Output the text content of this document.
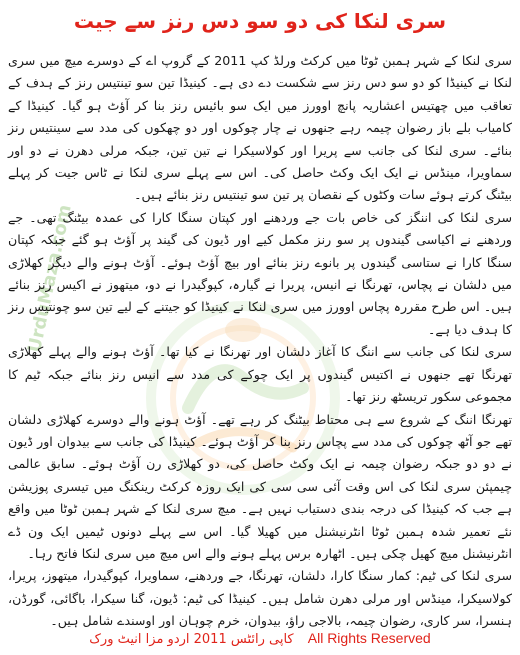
سری لنکا کی دو سو دس رنز سے جیت

سری لنکا کے شہر ہمبن ٹوٹا میں کرکٹ ورلڈ کپ 2011 کے گروپ اے کے دوسرے میچ میں سری لنکا نے کینیڈا کو دو سو دس رنز سے شکست دے دی ہے۔ کینیڈا تین سو تینتیس رنز کے ہدف کے تعاقب میں چھتیس اعشاریہ پانچ اوورز میں ایک سو بائیس رنز بنا کر آؤٹ ہو گیا۔ کینیڈا کے کامیاب بلے باز رضوان چیمہ رہے جنھوں نے چار چوکوں اور دو چھکوں کی مدد سے سینتیس رنز بنائے۔ سری لنکا کی جانب سے پریرا اور کولاسیکرا نے تین تین، جبکہ مرلی دھرن نے دو اور سماویرا، مینڈس نے ایک ایک وکٹ حاصل کی۔ اس سے پہلے سری لنکا نے ٹاس جیت کر پہلے بیٹنگ کرتے ہوئے سات وکٹوں کے نقصان پر تین سو تینتیس رنز بنائے ہیں۔

سری لنکا کی اننگز کی خاص بات جے وردھنے اور کپتان سنگا کارا کی عمدہ بیٹنگ تھی۔ جے وردھنے نے اکیاسی گیندوں پر سو رنز مکمل کیے اور ڈیون کی گیند پر آؤٹ ہو گئے جبکہ کپتان سنگا کارا نے ستاسی گیندوں پر بانوے رنز بنائے اور بیچ آؤٹ ہوئے۔ آؤٹ ہونے والے دیگر کھلاڑی میں دلشان نے پچاس، تھرنگا نے انیس، پریرا نے گیارہ، کپوگیدرا نے دو، میتھوز نے اکیس رنز بنائے ہیں۔ اس طرح مقررہ پچاس اوورز میں سری لنکا نے کینیڈا کو جیتنے کے لیے تین سو چونتیس رنز کا ہدف دیا ہے۔

سری لنکا کی جانب سے اننگ کا آغاز دلشان اور تھرنگا نے کیا تھا۔ آؤٹ ہونے والے پہلے کھلاڑی تھرنگا تھے جنھوں نے اکتیس گیندوں پر ایک چوکے کی مدد سے انیس رنز بنائے جبکہ ٹیم کا مجموعی سکور تریسٹھ رنز تھا۔

تھرنگا اننگ کے شروع سے ہی محتاط بیٹنگ کر رہے تھے۔ آؤٹ ہونے والے دوسرے کھلاڑی دلشان تھے جو آٹھ چوکوں کی مدد سے پچاس رنز بنا کر آؤٹ ہوئے۔ کینیڈا کی جانب سے بیدوان اور ڈیون نے دو دو جبکہ رضوان چیمہ نے ایک وکٹ حاصل کی، دو کھلاڑی رن آؤٹ ہوئے۔ سابق عالمی چیمپئن سری لنکا کی اس وقت آئی سی سی کی ایک روزہ کرکٹ رینکنگ میں تیسری پوزیشن ہے جب کہ کینیڈا کی درجہ بندی دستیاب نہیں ہے۔ میچ سری لنکا کے شہر ہمبن ٹوٹا میں واقع نئے تعمیر شدہ ہمبن ٹوٹا انٹرنیشنل میں کھیلا گیا۔ اس سے پہلے دونوں ٹیمیں ایک ون ڈے انٹرنیشنل میچ کھیل چکی ہیں۔ اٹھارہ برس پہلے ہونے والے اس میچ میں سری لنکا فاتح رہا۔

سری لنکا کی ٹیم: کمار سنگا کارا، دلشان، تھرنگا، جے وردھنے، سماویرا، کپوگیدرا، میتھوز، پریرا، کولاسیکرا، مینڈس اور مرلی دھرن شامل ہیں۔ کینیڈا کی ٹیم: ڈیون، گنا سیکرا، باگائی، گورڈن، ہنسرا، سر کاری، رضوان چیمہ، بالاجی راؤ، بیدوان، خرم چوہان اور اوسندے شامل ہیں۔

UrduMaza.com
کاپی رائٹس 2011 اردو مزا انیٹ ورک All Rights Reserved
